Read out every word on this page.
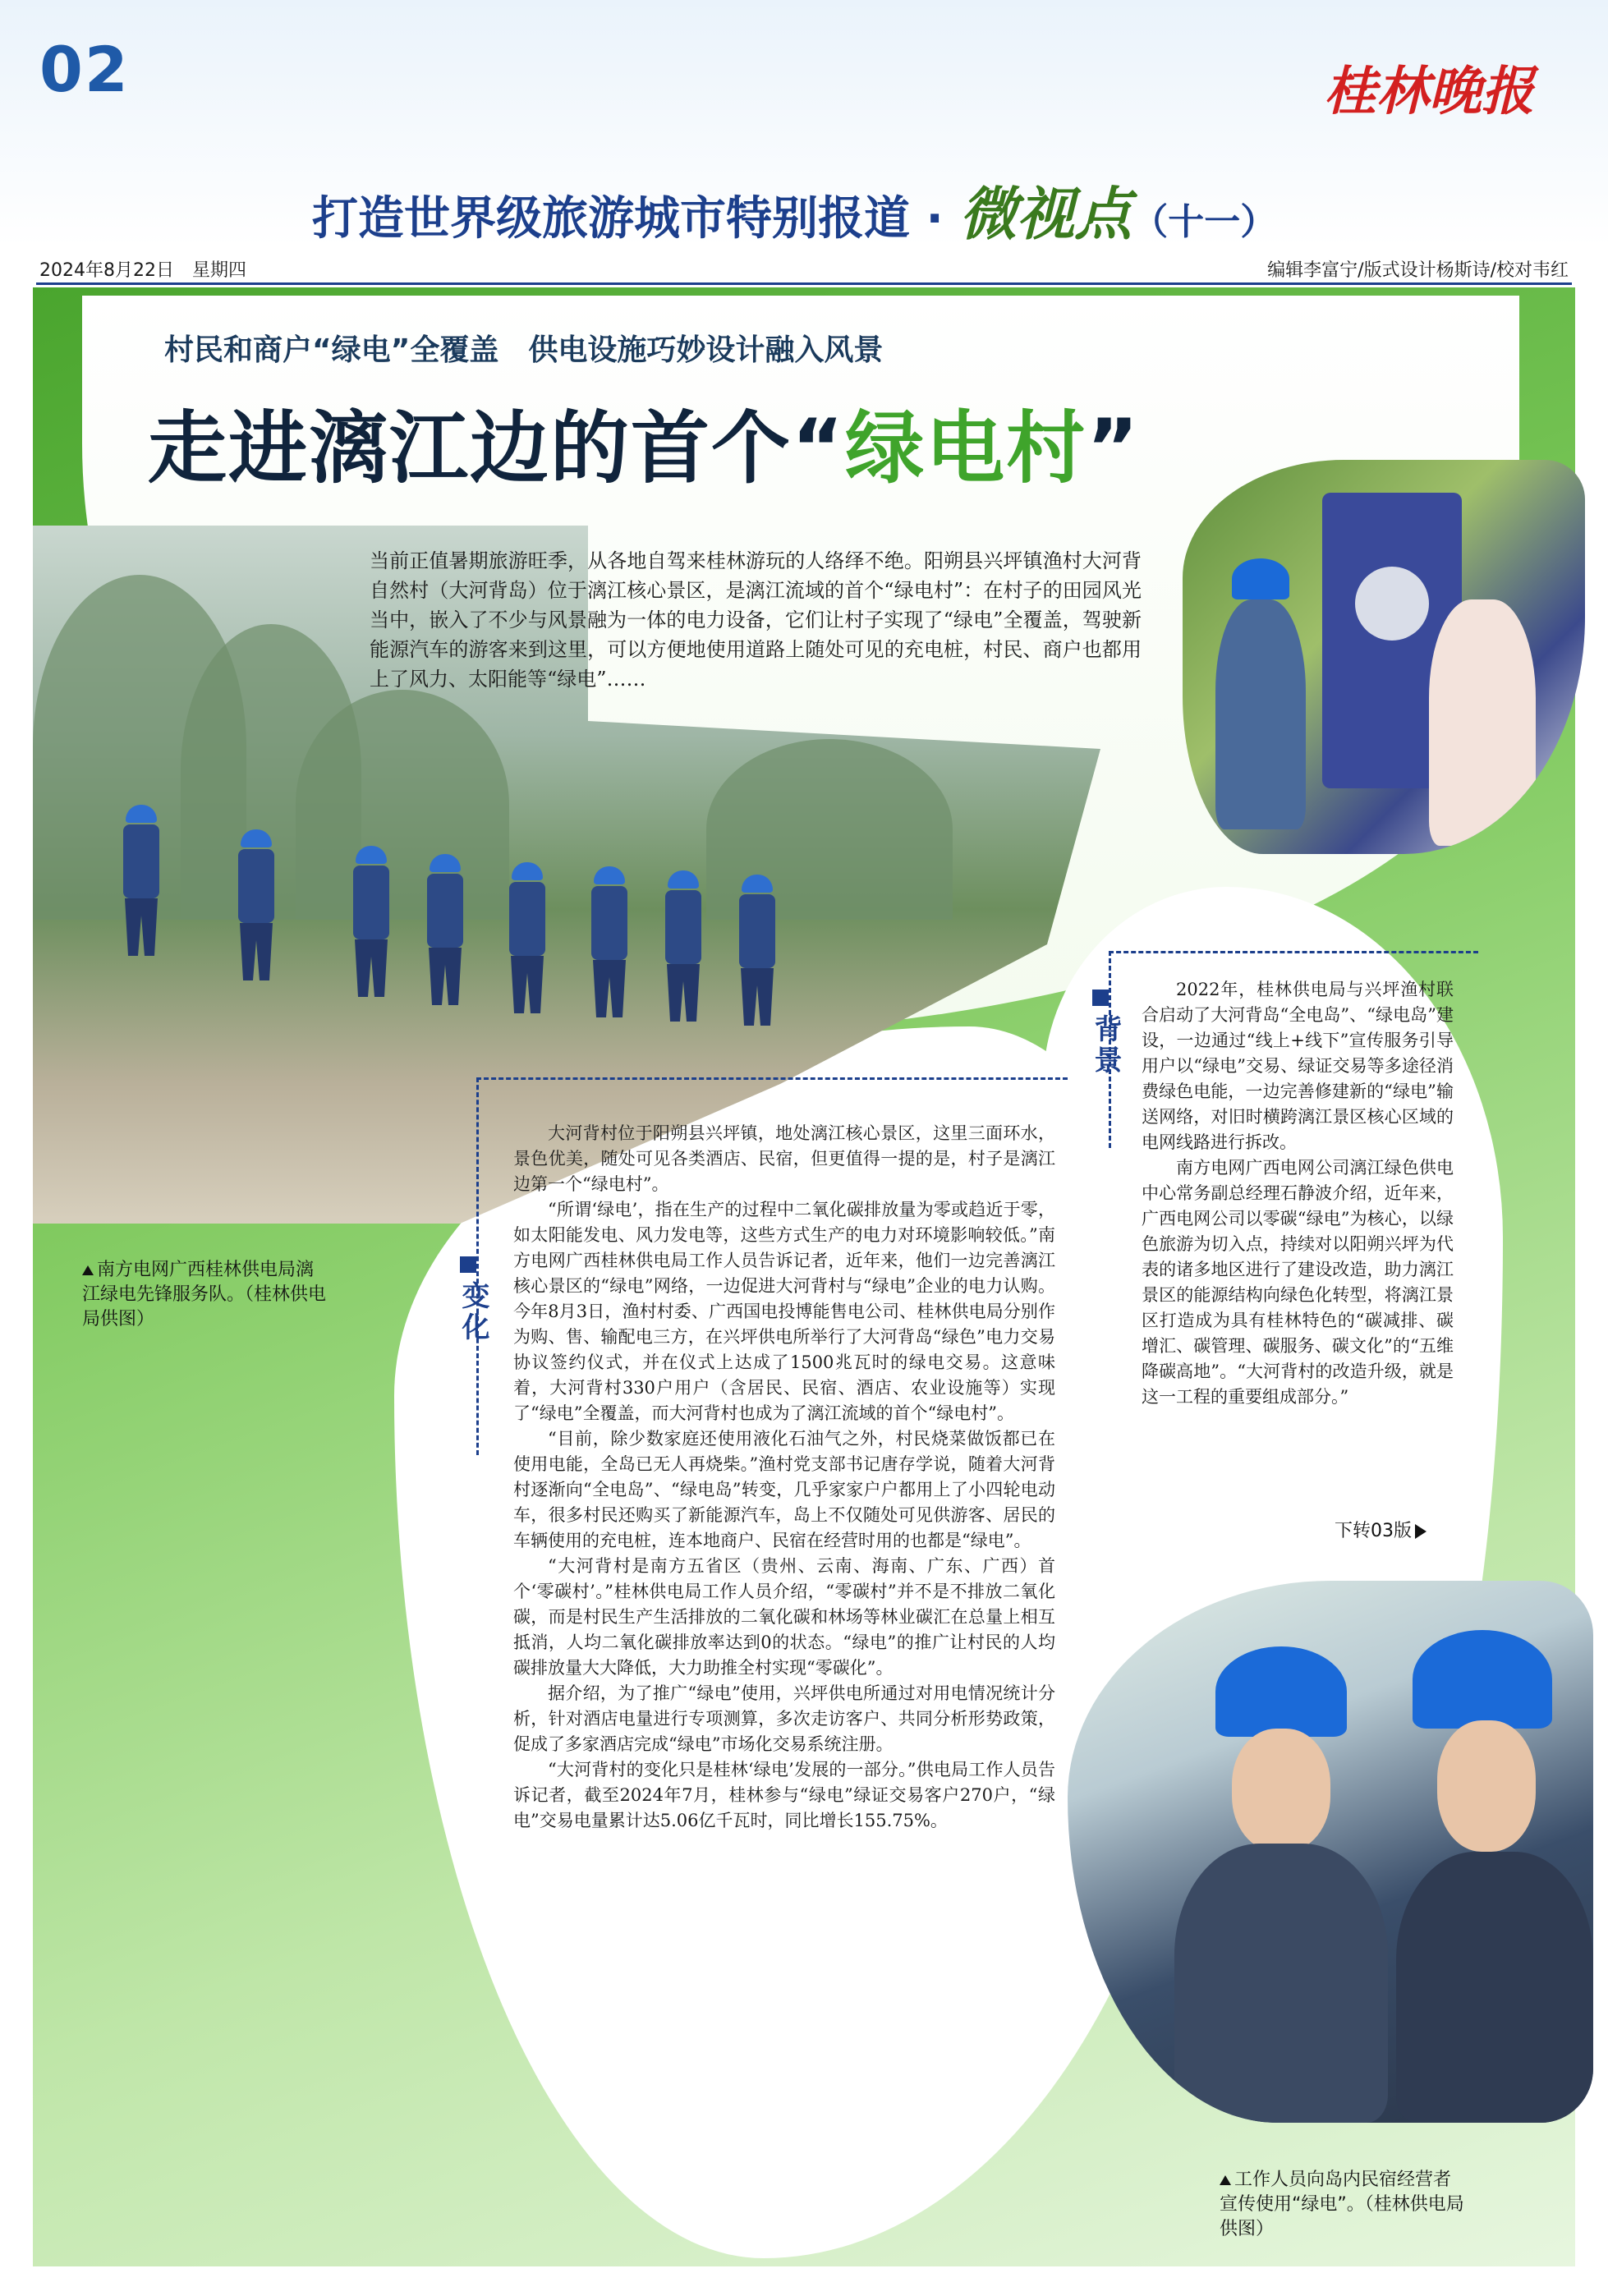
02	桂林晚报
打造世界级旅游城市特别报道 · 微视点（十一）
2024年8月22日　星期四	编辑李富宁/版式设计杨斯诗/校对韦红
村民和商户“绿电”全覆盖　供电设施巧妙设计融入风景
走进漓江边的首个“绿电村”
当前正值暑期旅游旺季，从各地自驾来桂林游玩的人络绎不绝。阳朔县兴坪镇渔村大河背自然村（大河背岛）位于漓江核心景区，是漓江流域的首个“绿电村”：在村子的田园风光当中，嵌入了不少与风景融为一体的电力设备，它们让村子实现了“绿电”全覆盖，驾驶新能源汽车的游客来到这里，可以方便地使用道路上随处可见的充电桩，村民、商户也都用上了风力、太阳能等“绿电”……
南方电网广西桂林供电局漓江绿电先锋服务队。（桂林供电局供图）
工作人员向岛内民宿经营者宣传使用“绿电”。（桂林供电局供图）
背景

2022年，桂林供电局与兴坪渔村联合启动了大河背岛“全电岛”、“绿电岛”建设，一边通过“线上+线下”宣传服务引导用户以“绿电”交易、绿证交易等多途径消费绿色电能，一边完善修建新的“绿电”输送网络，对旧时横跨漓江景区核心区域的电网线路进行拆改。

南方电网广西电网公司漓江绿色供电中心常务副总经理石静波介绍，近年来，广西电网公司以零碳“绿电”为核心，以绿色旅游为切入点，持续对以阳朔兴坪为代表的诸多地区进行了建设改造，助力漓江景区的能源结构向绿色化转型，将漓江景区打造成为具有桂林特色的“碳减排、碳增汇、碳管理、碳服务、碳文化”的“五维降碳高地”。“大河背村的改造升级，就是这一工程的重要组成部分。”

下转03版
变化

大河背村位于阳朔县兴坪镇，地处漓江核心景区，这里三面环水，景色优美，随处可见各类酒店、民宿，但更值得一提的是，村子是漓江边第一个“绿电村”。

“所谓‘绿电’，指在生产的过程中二氧化碳排放量为零或趋近于零，如太阳能发电、风力发电等，这些方式生产的电力对环境影响较低。”南方电网广西桂林供电局工作人员告诉记者，近年来，他们一边完善漓江核心景区的“绿电”网络，一边促进大河背村与“绿电”企业的电力认购。今年8月3日，渔村村委、广西国电投博能售电公司、桂林供电局分别作为购、售、输配电三方，在兴坪供电所举行了大河背岛“绿色”电力交易协议签约仪式，并在仪式上达成了1500兆瓦时的绿电交易。这意味着，大河背村330户用户（含居民、民宿、酒店、农业设施等）实现了“绿电”全覆盖，而大河背村也成为了漓江流域的首个“绿电村”。

“目前，除少数家庭还使用液化石油气之外，村民烧菜做饭都已在使用电能，全岛已无人再烧柴。”渔村党支部书记唐存学说，随着大河背村逐渐向“全电岛”、“绿电岛”转变，几乎家家户户都用上了小四轮电动车，很多村民还购买了新能源汽车，岛上不仅随处可见供游客、居民的车辆使用的充电桩，连本地商户、民宿在经营时用的也都是“绿电”。

“大河背村是南方五省区（贵州、云南、海南、广东、广西）首个‘零碳村’。”桂林供电局工作人员介绍，“零碳村”并不是不排放二氧化碳，而是村民生产生活排放的二氧化碳和林场等林业碳汇在总量上相互抵消，人均二氧化碳排放率达到0的状态。“绿电”的推广让村民的人均碳排放量大大降低，大力助推全村实现“零碳化”。

据介绍，为了推广“绿电”使用，兴坪供电所通过对用电情况统计分析，针对酒店电量进行专项测算，多次走访客户、共同分析形势政策，促成了多家酒店完成“绿电”市场化交易系统注册。

“大河背村的变化只是桂林‘绿电’发展的一部分。”供电局工作人员告诉记者，截至2024年7月，桂林参与“绿电”绿证交易客户270户，“绿电”交易电量累计达5.06亿千瓦时，同比增长155.75%。
